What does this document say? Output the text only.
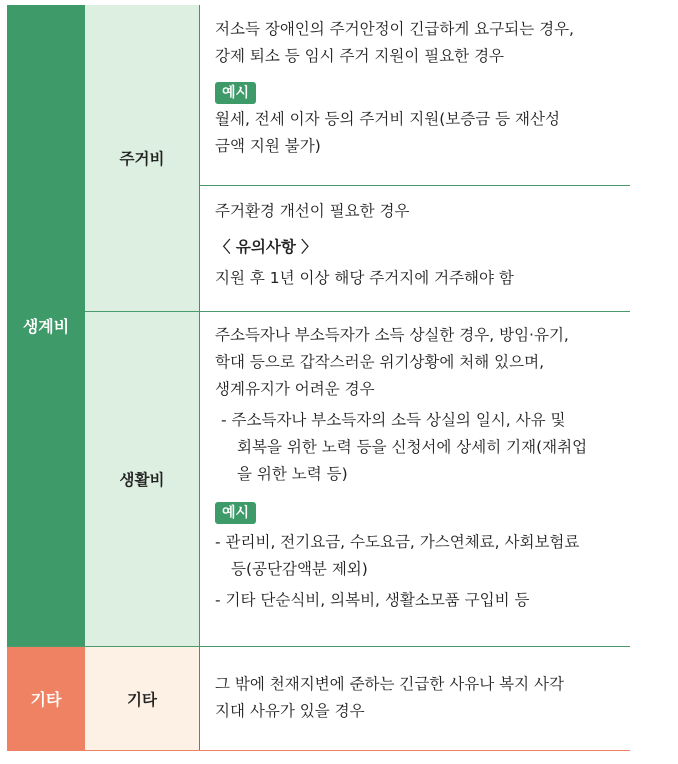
생계비
기타
주거비
생활비
기타

저소득 장애인의 주거안정이 긴급하게 요구되는 경우,

강제 퇴소 등 임시 주거 지원이 필요한 경우

예시

월세, 전세 이자 등의 주거비 지원(보증금 등 재산성

금액 지원 불가)

주거환경 개선이 필요한 경우

〈 유의사항 〉

지원 후 1년 이상 해당 주거지에 거주해야 함

주소득자나 부소득자가 소득 상실한 경우, 방임·유기,

학대 등으로 갑작스러운 위기상황에 처해 있으며,

생계유지가 어려운 경우

- 주소득자나 부소득자의 소득 상실의 일시, 사유 및

회복을 위한 노력 등을 신청서에 상세히 기재(재취업

을 위한 노력 등)

예시

- 관리비, 전기요금, 수도요금, 가스연체료, 사회보험료

등(공단감액분 제외)

- 기타 단순식비, 의복비, 생활소모품 구입비 등

그 밖에 천재지변에 준하는 긴급한 사유나 복지 사각

지대 사유가 있을 경우
